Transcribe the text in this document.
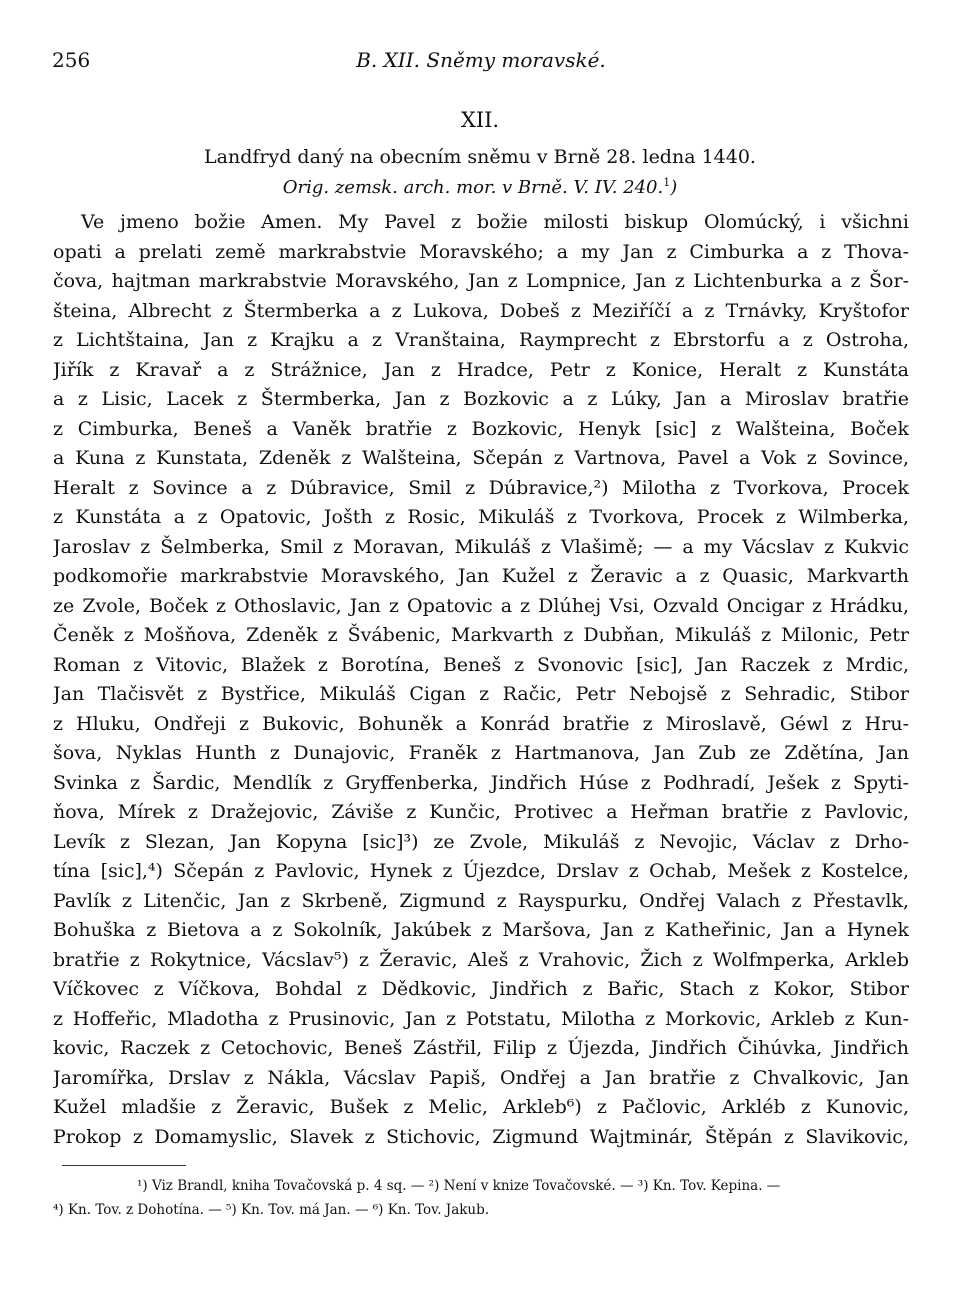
256	B. XII. Sněmy moravské.
XII.
Landfryd daný na obecním sněmu v Brně 28. ledna 1440.
Orig. zemsk. arch. mor. v Brně. V. IV. 240.$^1$)
Ve jmeno božie Amen. My Pavel z božie milosti biskup Olomúcký, i všichni
opati a prelati země markrabstvie Moravského; a my Jan z Cimburka a z Thova-
čova, hajtman markrabstvie Moravského, Jan z Lompnice, Jan z Lichtenburka a z Šor-
šteina, Albrecht z Štermberka a z Lukova, Dobeš z Meziříčí a z Trnávky, Kryštofor
z Lichtštaina, Jan z Krajku a z Vranštaina, Raymprecht z Ebrstorfu a z Ostroha,
Jiřík z Kravař a z Strážnice, Jan z Hradce, Petr z Konice, Heralt z Kunstáta
a z Lisic, Lacek z Štermberka, Jan z Bozkovic a z Lúky, Jan a Miroslav bratřie
z Cimburka, Beneš a Vaněk bratřie z Bozkovic, Henyk [sic] z Walšteina, Boček
a Kuna z Kunstata, Zdeněk z Walšteina, Sčepán z Vartnova, Pavel a Vok z Sovince,
Heralt z Sovince a z Dúbravice, Smil z Dúbravice,²) Milotha z Tvorkova, Procek
z Kunstáta a z Opatovic, Jošth z Rosic, Mikuláš z Tvorkova, Procek z Wilmberka,
Jaroslav z Šelmberka, Smil z Moravan, Mikuláš z Vlašimě; — a my Vácslav z Kukvic
podkomořie markrabstvie Moravského, Jan Kužel z Žeravic a z Quasic, Markvarth
ze Zvole, Boček z Othoslavic, Jan z Opatovic a z Dlúhej Vsi, Ozvald Oncigar z Hrádku,
Čeněk z Mošňova, Zdeněk z Švábenic, Markvarth z Dubňan, Mikuláš z Milonic, Petr
Roman z Vitovic, Blažek z Borotína, Beneš z Svonovic [sic], Jan Raczek z Mrdic,
Jan Tlačisvět z Bystřice, Mikuláš Cigan z Račic, Petr Nebojsě z Sehradic, Stibor
z Hluku, Ondřeji z Bukovic, Bohuněk a Konrád bratřie z Miroslavě, Géwl z Hru-
šova, Nyklas Hunth z Dunajovic, Franěk z Hartmanova, Jan Zub ze Zdětína, Jan
Svinka z Šardic, Mendlík z Gryffenberka, Jindřich Húse z Podhradí, Ješek z Spyti-
ňova, Mírek z Dražejovic, Záviše z Kunčic, Protivec a Heřman bratřie z Pavlovic,
Levík z Slezan, Jan Kopyna [sic]³) ze Zvole, Mikuláš z Nevojic, Václav z Drho-
tína [sic],⁴) Sčepán z Pavlovic, Hynek z Újezdce, Drslav z Ochab, Mešek z Kostelce,
Pavlík z Litenčic, Jan z Skrbeně, Zigmund z Rayspurku, Ondřej Valach z Přestavlk,
Bohuška z Bietova a z Sokolník, Jakúbek z Maršova, Jan z Katheřinic, Jan a Hynek
bratřie z Rokytnice, Vácslav⁵) z Žeravic, Aleš z Vrahovic, Žich z Wolfmperka, Arkleb
Víčkovec z Víčkova, Bohdal z Dědkovic, Jindřich z Bařic, Stach z Kokor, Stibor
z Hoffeřic, Mladotha z Prusinovic, Jan z Potstatu, Milotha z Morkovic, Arkleb z Kun-
kovic, Raczek z Cetochovic, Beneš Zástřil, Filip z Újezda, Jindřich Čihúvka, Jindřich
Jaromířka, Drslav z Nákla, Vácslav Papiš, Ondřej a Jan bratřie z Chvalkovic, Jan
Kužel mladšie z Žeravic, Bušek z Melic, Arkleb⁶) z Pačlovic, Arkléb z Kunovic,
Prokop z Domamyslic, Slavek z Stichovic, Zigmund Wajtminár, Štěpán z Slavikovic,
¹) Viz Brandl, kniha Tovačovská p. 4 sq. — ²) Není v knize Tovačovské. — ³) Kn. Tov. Kepina. —
⁴) Kn. Tov. z Dohotína. — ⁵) Kn. Tov. má Jan. — ⁶) Kn. Tov. Jakub.
